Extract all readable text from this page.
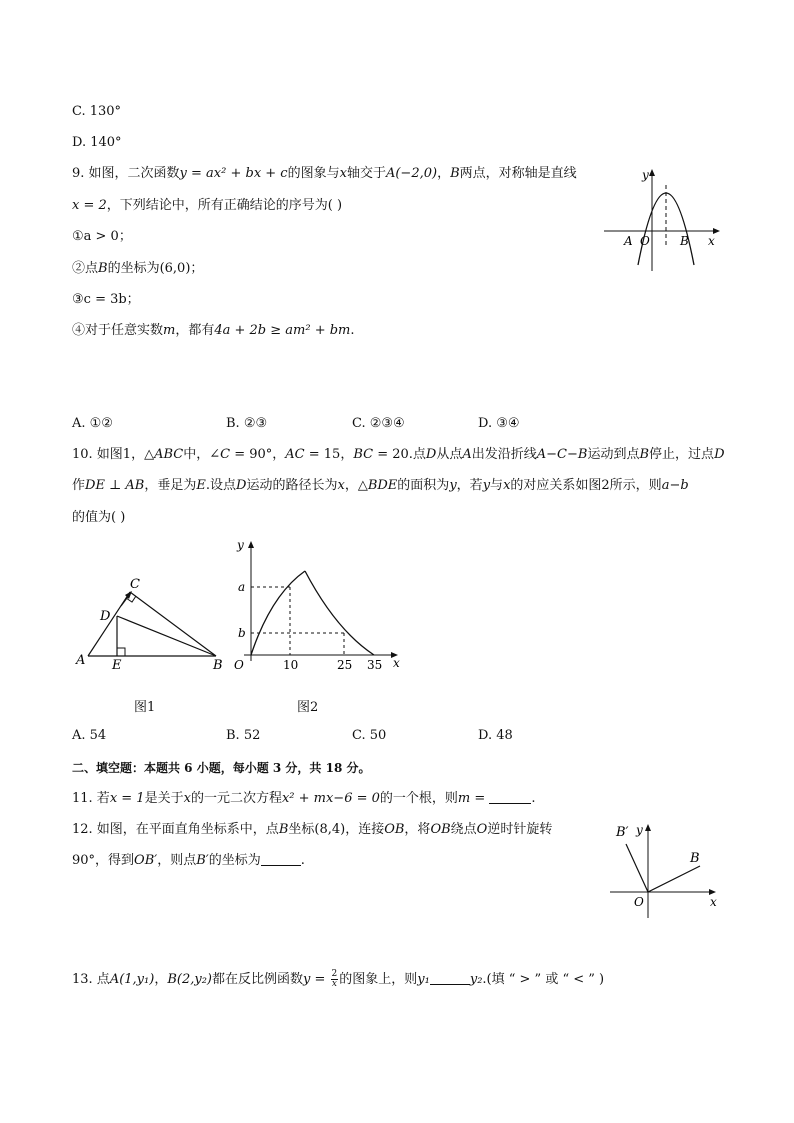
C. 130°
D. 140°
9. 如图，二次函数y = ax² + bx + c的图象与x轴交于A(−2,0)，B两点，对称轴是直线
x = 2，下列结论中，所有正确结论的序号为( )
①a > 0；
②点B的坐标为(6,0)；
③c = 3b；
④对于任意实数m，都有4a + 2b ≥ am² + bm.
y
x
A O	B
A. ①②	B. ②③	C. ②③④	D. ③④
10. 如图1，△ABC中，∠C = 90°，AC = 15，BC = 20.点D从点A出发沿折线A−C−B运动到点B停止，过点D
作DE ⊥ AB，垂足为E.设点D运动的路径长为x，△BDE的面积为y，若y与x的对应关系如图2所示，则a−b
的值为( )
C
D
A E	B
图1
y
a
b
O	10	25 35 x
图2
A. 54	B. 52	C. 50	D. 48
二、填空题：本题共 6 小题，每小题 3 分，共 18 分。
11. 若x = 1是关于x的一元二次方程x² + mx−6 = 0的一个根，则m =	.
12. 如图，在平面直角坐标系中，点B坐标(8,4)，连接OB，将OB绕点O逆时针旋转
90°，得到OB′，则点B′的坐标为	.
B′ y
B
O	x
13. 点A(1,y₁)，B(2,y₂)都在反比例函数$y = \frac{2}{x}$ 的图象上，则y₁	y₂.(填 “ > ” 或 “ < ” )
